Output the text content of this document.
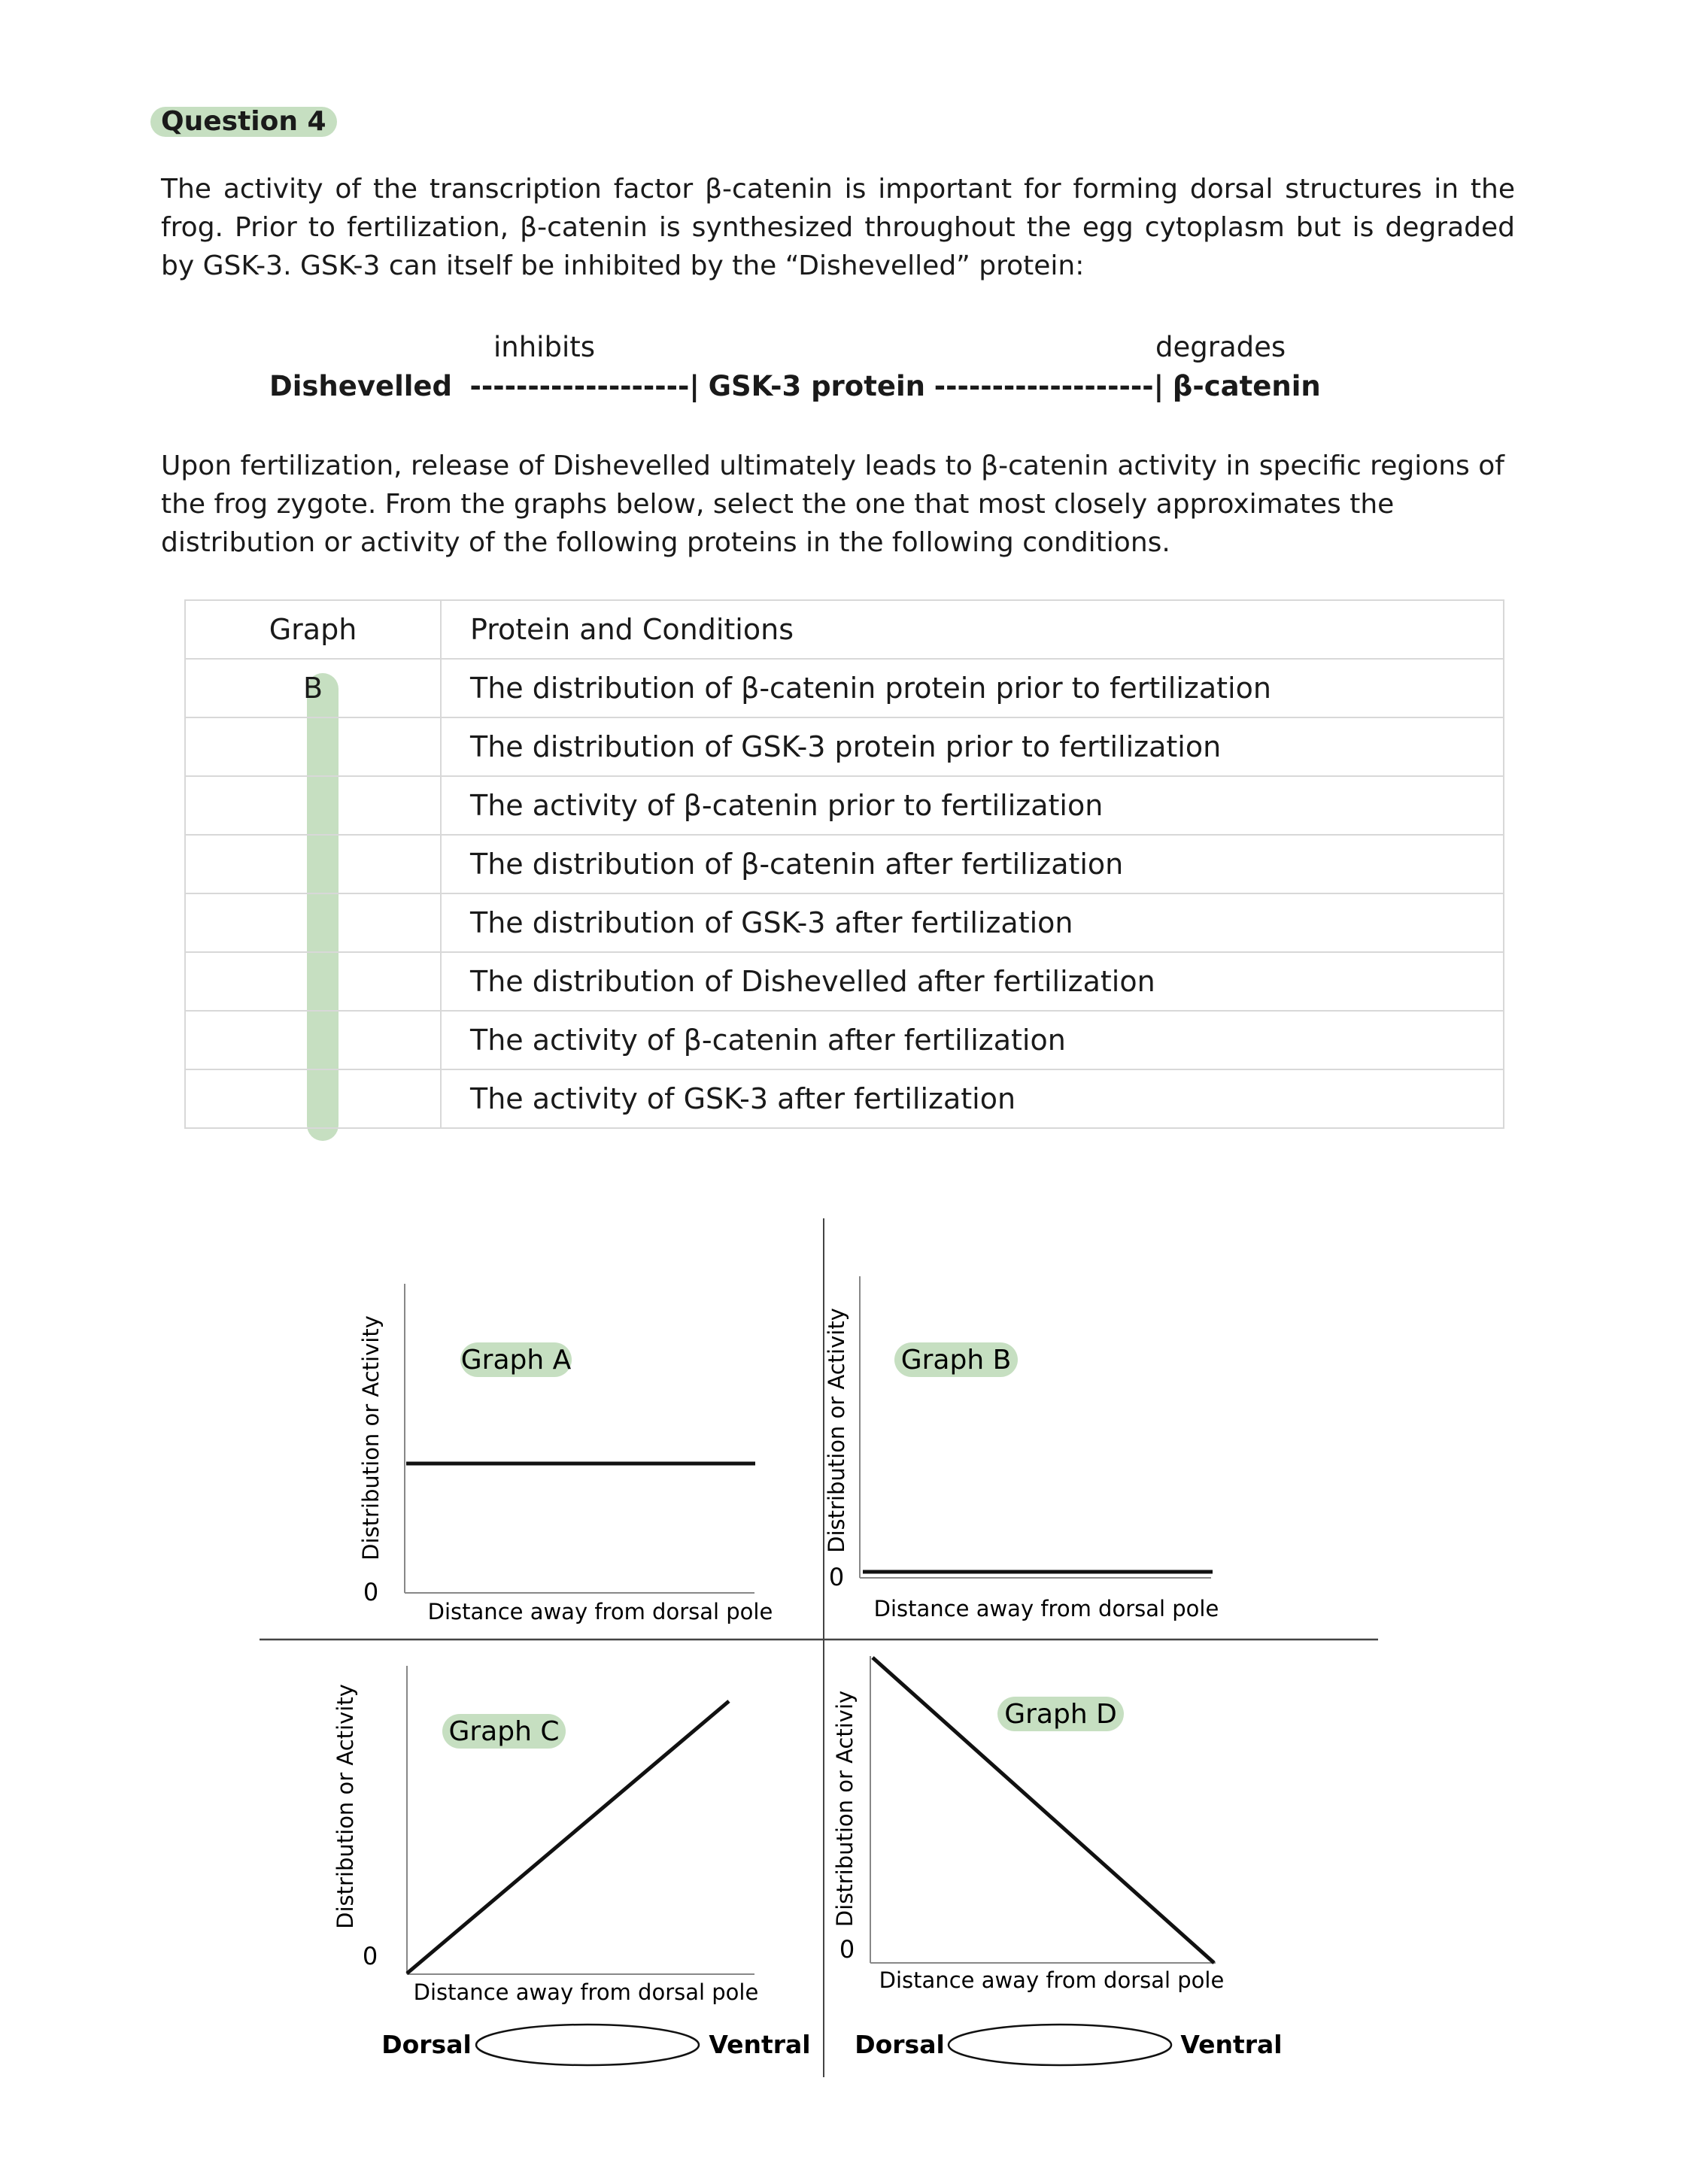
Question 4
The activity of the transcription factor β-catenin is important for forming dorsal structures in the frog. Prior to fertilization, β-catenin is synthesized throughout the egg cytoplasm but is degraded by GSK-3. GSK-3 can itself be inhibited by the “Dishevelled” protein:
inhibits	degrades
Dishevelled -------------------| GSK-3 protein -------------------| β-catenin
Upon fertilization, release of Dishevelled ultimately leads to β-catenin activity in specific regions of the frog zygote. From the graphs below, select the one that most closely approximates the distribution or activity of the following proteins in the following conditions.
Graph	Protein and Conditions
B	The distribution of β-catenin protein prior to fertilization
	The distribution of GSK-3 protein prior to fertilization
	The activity of β-catenin prior to fertilization
	The distribution of β-catenin after fertilization
	The distribution of GSK-3 after fertilization
	The distribution of Dishevelled after fertilization
	The activity of β-catenin after fertilization
	The activity of GSK-3 after fertilization
Graph A
Distribution or Activity
0
Distance away from dorsal pole
Graph B
Distribution or Activity
0
Distance away from dorsal pole
Graph C
Distribution or Activity
0
Distance away from dorsal pole
Graph D
Distribution or Activiy
0
Distance away from dorsal pole
Dorsal	Ventral Dorsal	Ventral
